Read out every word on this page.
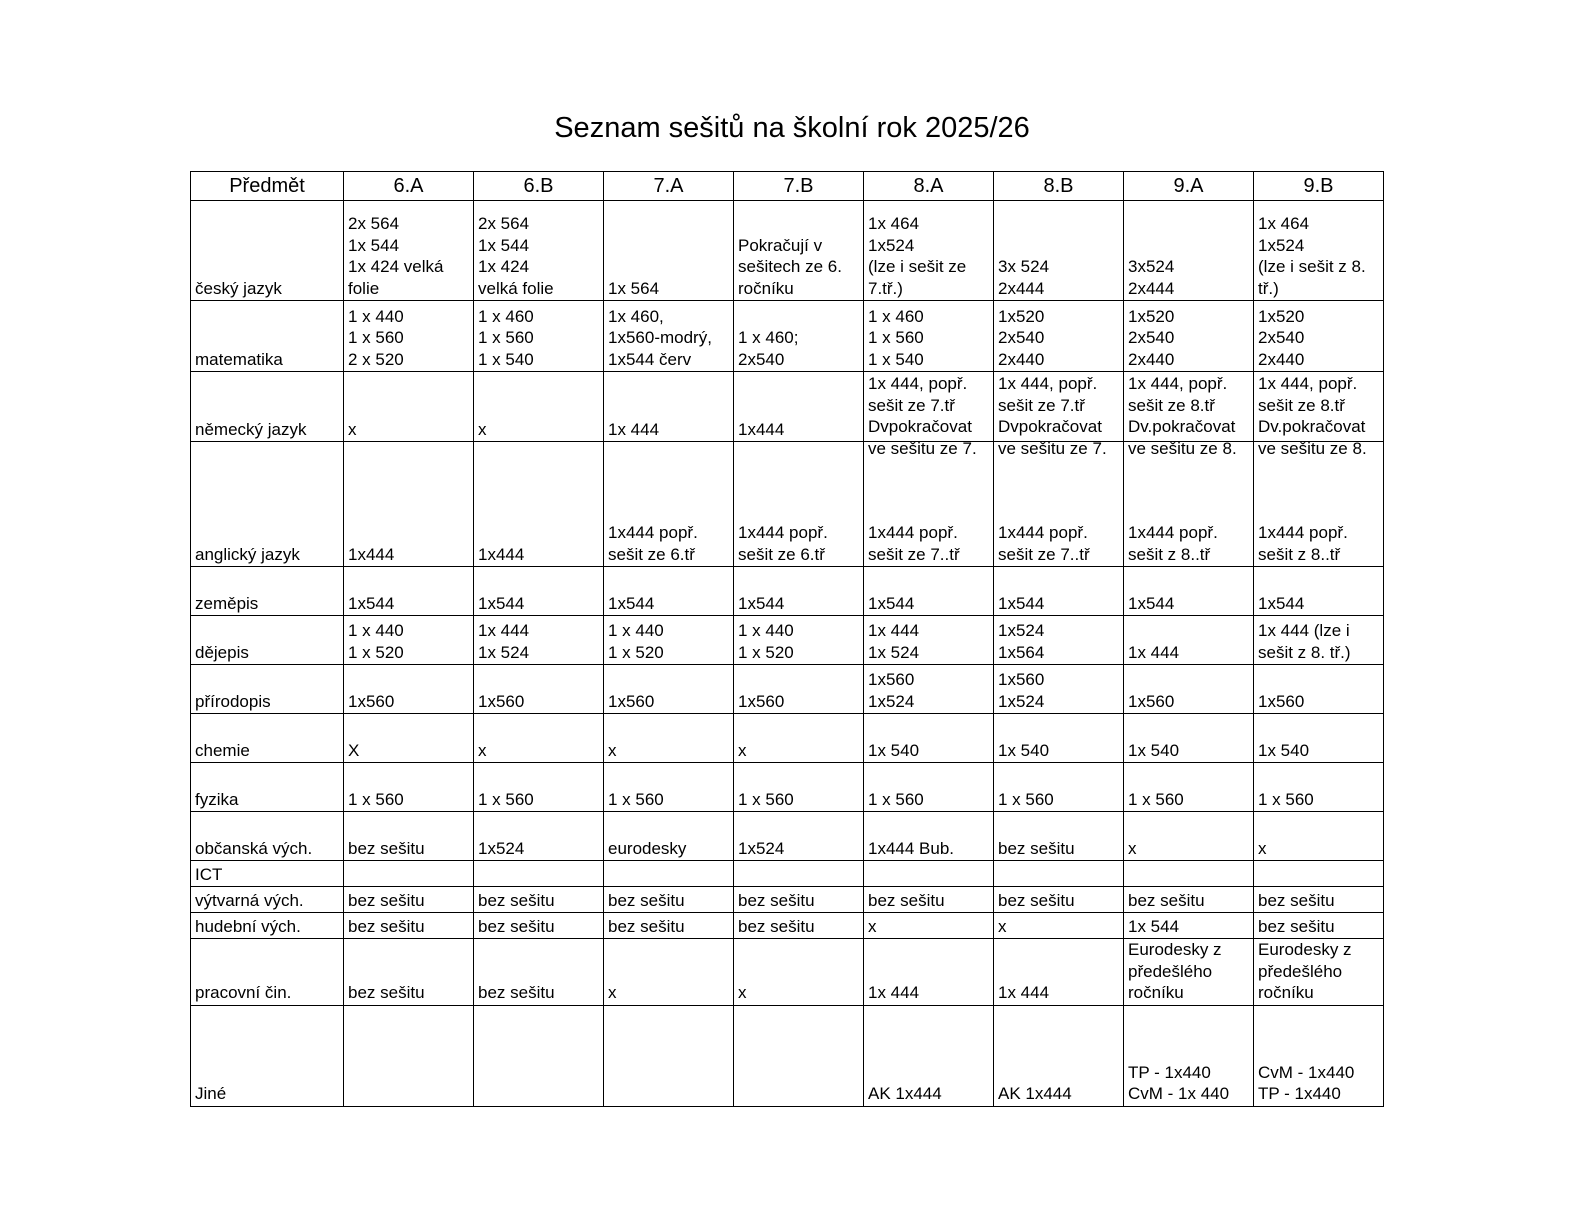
Seznam sešitů na školní rok 2025/26
Předmět	6.A	6.B	7.A	7.B	8.A	8.B	9.A	9.B
český jazyk	2x 564
1x 544
1x 424 velká
folie	2x 564
1x 544
1x 424
velká folie	1x 564	Pokračují v
sešitech ze 6.
ročníku	1x 464
1x524
(lze i sešit ze
7.tř.)	3x 524
2x444	3x524
2x444	1x 464
1x524
(lze i sešit z 8.
tř.)

matematika	1 x 440
1 x 560
2 x 520	1 x 460
1 x 560
1 x 540	1x 460,
1x560-modrý,
1x544 červ	1 x 460;
2x540	1 x 460
1 x 560
1 x 540	1x520
2x540
2x440	1x520
2x540
2x440	1x520
2x540
2x440

německý jazyk	x	x	1x 444	1x444	1x 444, popř.
sešit ze 7.tř
Dvpokračovat
ve sešitu ze 7.	1x 444, popř.
sešit ze 7.tř
Dvpokračovat
ve sešitu ze 7.	1x 444, popř.
sešit ze 8.tř
Dv.pokračovat
ve sešitu ze 8.	1x 444, popř.
sešit ze 8.tř
Dv.pokračovat
ve sešitu ze 8.

anglický jazyk	1x444	1x444	1x444 popř.
sešit ze 6.tř	1x444 popř.
sešit ze 6.tř	1x444 popř.
sešit ze 7..tř	1x444 popř.
sešit ze 7..tř	1x444 popř.
sešit z 8..tř	1x444 popř.
sešit z 8..tř

zeměpis	1x544	1x544	1x544	1x544	1x544	1x544	1x544	1x544

dějepis	1 x 440
1 x 520	1x 444
1x 524	1 x 440
1 x 520	1 x 440
1 x 520	1x 444
1x 524	1x524
1x564	1x 444	1x 444 (lze i
sešit z 8. tř.)

přírodopis	1x560	1x560	1x560	1x560	1x560
1x524	1x560
1x524	1x560	1x560

chemie	X	x	x	x	1x 540	1x 540	1x 540	1x 540

fyzika	1 x 560	1 x 560	1 x 560	1 x 560	1 x 560	1 x 560	1 x 560	1 x 560

občanská vých.	bez sešitu	1x524	eurodesky	1x524	1x444 Bub.	bez sešitu	x	x

ICT	

výtvarná vých.	bez sešitu	bez sešitu	bez sešitu	bez sešitu	bez sešitu	bez sešitu	bez sešitu	bez sešitu

hudební vých.	bez sešitu	bez sešitu	bez sešitu	bez sešitu	x	x	1x 544	bez sešitu

pracovní čin.	bez sešitu	bez sešitu	x	x	1x 444	1x 444	Eurodesky z
předešlého
ročníku	Eurodesky z
předešlého
ročníku

Jiné					AK 1x444	AK 1x444	TP - 1x440
CvM - 1x 440	CvM - 1x440
TP - 1x440
